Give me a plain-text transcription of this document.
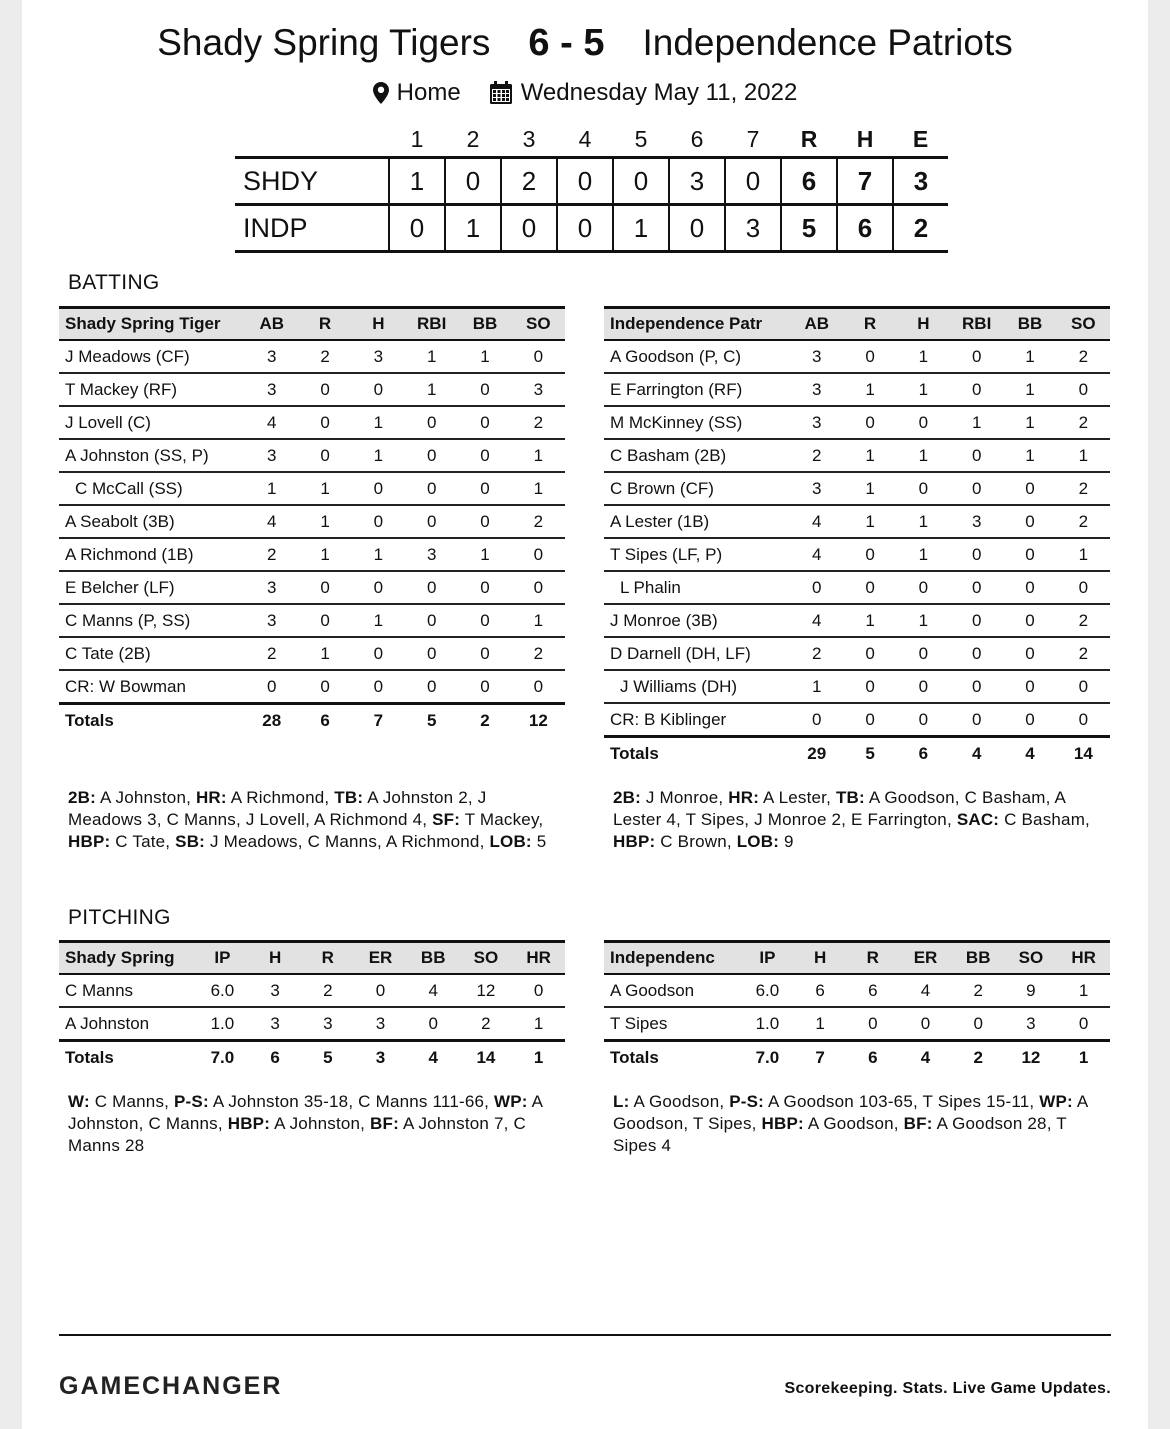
Shady Spring Tigers 6 - 5 Independence Patriots
Home	Wednesday May 11, 2022
	1	2	3	4	5	6	7	R	H	E
SHDY	1	0	2	0	0	3	0	6	7	3
INDP	0	1	0	0	1	0	3	5	6	2
BATTING
Shady Spring Tiger	AB	R	H	RBI	BB	SO
J Meadows (CF)	3	2	3	1	1	0
T Mackey (RF)	3	0	0	1	0	3
J Lovell (C)	4	0	1	0	0	2
A Johnston (SS, P)	3	0	1	0	0	1
C McCall (SS)	1	1	0	0	0	1
A Seabolt (3B)	4	1	0	0	0	2
A Richmond (1B)	2	1	1	3	1	0
E Belcher (LF)	3	0	0	0	0	0
C Manns (P, SS)	3	0	1	0	0	1
C Tate (2B)	2	1	0	0	0	2
CR: W Bowman	0	0	0	0	0	0
Totals	28	6	7	5	2	12
Independence Patr	AB	R	H	RBI	BB	SO
A Goodson (P, C)	3	0	1	0	1	2
E Farrington (RF)	3	1	1	0	1	0
M McKinney (SS)	3	0	0	1	1	2
C Basham (2B)	2	1	1	0	1	1
C Brown (CF)	3	1	0	0	0	2
A Lester (1B)	4	1	1	3	0	2
T Sipes (LF, P)	4	0	1	0	0	1
L Phalin	0	0	0	0	0	0
J Monroe (3B)	4	1	1	0	0	2
D Darnell (DH, LF)	2	0	0	0	0	2
J Williams (DH)	1	0	0	0	0	0
CR: B Kiblinger	0	0	0	0	0	0
Totals	29	5	6	4	4	14
2B: A Johnston, HR: A Richmond, TB: A Johnston 2, J Meadows 3, C Manns, J Lovell, A Richmond 4, SF: T Mackey, HBP: C Tate, SB: J Meadows, C Manns, A Richmond, LOB: 5
2B: J Monroe, HR: A Lester, TB: A Goodson, C Basham, A Lester 4, T Sipes, J Monroe 2, E Farrington, SAC: C Basham, HBP: C Brown, LOB: 9
PITCHING
Shady Spring	IP	H	R	ER	BB	SO	HR
C Manns	6.0	3	2	0	4	12	0
A Johnston	1.0	3	3	3	0	2	1
Totals	7.0	6	5	3	4	14	1
Independenc	IP	H	R	ER	BB	SO	HR
A Goodson	6.0	6	6	4	2	9	1
T Sipes	1.0	1	0	0	0	3	0
Totals	7.0	7	6	4	2	12	1
W: C Manns, P-S: A Johnston 35-18, C Manns 111-66, WP: A Johnston, C Manns, HBP: A Johnston, BF: A Johnston 7, C Manns 28
L: A Goodson, P-S: A Goodson 103-65, T Sipes 15-11, WP: A Goodson, T Sipes, HBP: A Goodson, BF: A Goodson 28, T Sipes 4
GAMECHANGER	Scorekeeping. Stats. Live Game Updates.
